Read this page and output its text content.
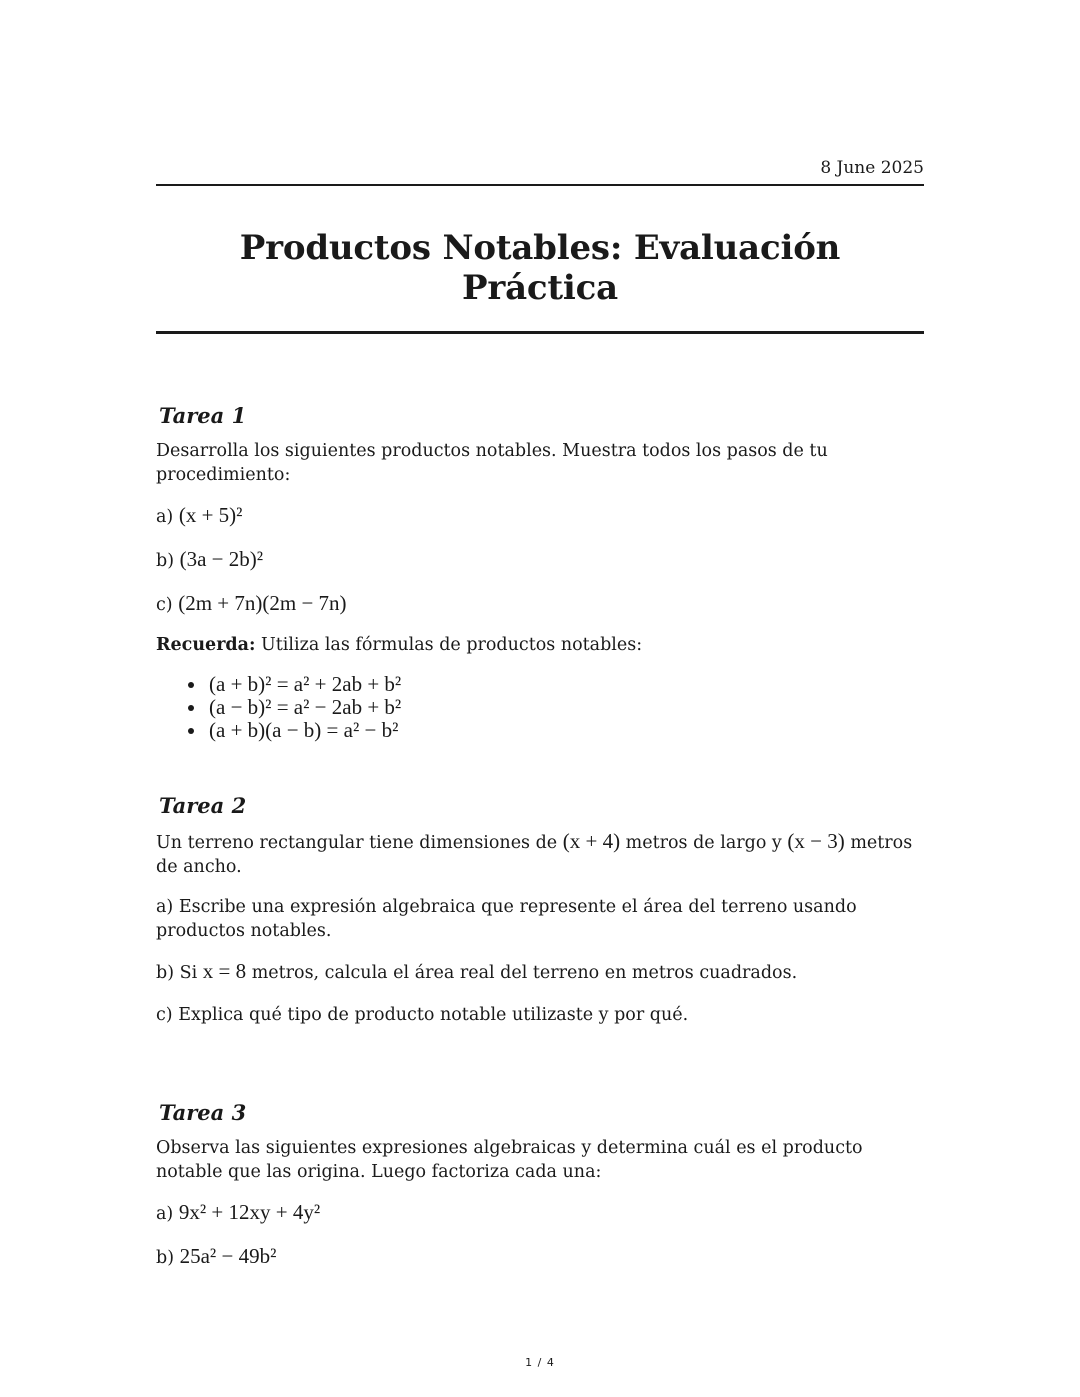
8 June 2025
Productos Notables: Evaluación Práctica
Tarea 1

Desarrolla los siguientes productos notables. Muestra todos los pasos de tu procedimiento:

a) (x + 5)²

b) (3a − 2b)²

c) (2m + 7n)(2m − 7n)

Recuerda: Utiliza las fórmulas de productos notables:

(a + b)² = a² + 2ab + b²
(a − b)² = a² − 2ab + b²
(a + b)(a − b) = a² − b²
Tarea 2

Un terreno rectangular tiene dimensiones de (x + 4) metros de largo y (x − 3) metros de ancho.

a) Escribe una expresión algebraica que represente el área del terreno usando productos notables.

b) Si x = 8 metros, calcula el área real del terreno en metros cuadrados.

c) Explica qué tipo de producto notable utilizaste y por qué.

Tarea 3

Observa las siguientes expresiones algebraicas y determina cuál es el producto notable que las origina. Luego factoriza cada una:

a) 9x² + 12xy + 4y²

b) 25a² − 49b²

1 / 4
